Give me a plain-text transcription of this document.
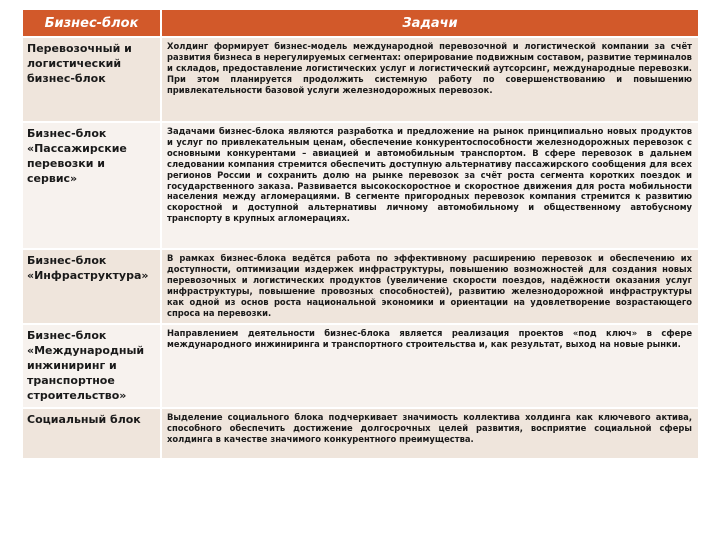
Бизнес-блок	Задачи
Перевозочный и логистический бизнес-блок	Холдинг формирует бизнес-модель международной перевозочной и логистической компании за счёт развития бизнеса в нерегулируемых сегментах: оперирование подвижным составом, развитие терминалов и складов, предоставление логистических услуг и логистический аутсорсинг, международные перевозки. При этом планируется продолжить системную работу по совершенствованию и повышению привлекательности базовой услуги железнодорожных перевозок.
Бизнес-блок «Пассажирские перевозки и сервис»	Задачами бизнес-блока являются разработка и предложение на рынок принципиально новых продуктов и услуг по привлекательным ценам, обеспечение конкурентоспособности железнодорожных перевозок с основными конкурентами – авиацией и автомобильным транспортом. В сфере перевозок в дальнем следовании компания стремится обеспечить доступную альтернативу пассажирского сообщения для всех регионов России и сохранить долю на рынке перевозок за счёт роста сегмента коротких поездок и государственного заказа. Развивается высокоскоростное и скоростное движения для роста мобильности населения между агломерациями. В сегменте пригородных перевозок компания стремится к развитию скоростной и доступной альтернативы личному автомобильному и общественному автобусному транспорту в крупных агломерациях.
Бизнес-блок «Инфраструктура»	В рамках бизнес-блока ведётся работа по эффективному расширению перевозок и обеспечению их доступности, оптимизации издержек инфраструктуры, повышению возможностей для создания новых перевозочных и логистических продуктов (увеличение скорости поездов, надёжности оказания услуг инфраструктуры, повышение провозных способностей), развитию железнодорожной инфраструктуры как одной из основ роста национальной экономики и ориентации на удовлетворение возрастающего спроса на перевозки.
Бизнес-блок «Международный инжиниринг и транспортное строительство»	Направлением деятельности бизнес-блока является реализация проектов «под ключ» в сфере международного инжиниринга и транспортного строительства и, как результат, выход на новые рынки.
Социальный блок	Выделение социального блока подчеркивает значимость коллектива холдинга как ключевого актива, способного обеспечить достижение долгосрочных целей развития, восприятие социальной сферы холдинга в качестве значимого конкурентного преимущества.
